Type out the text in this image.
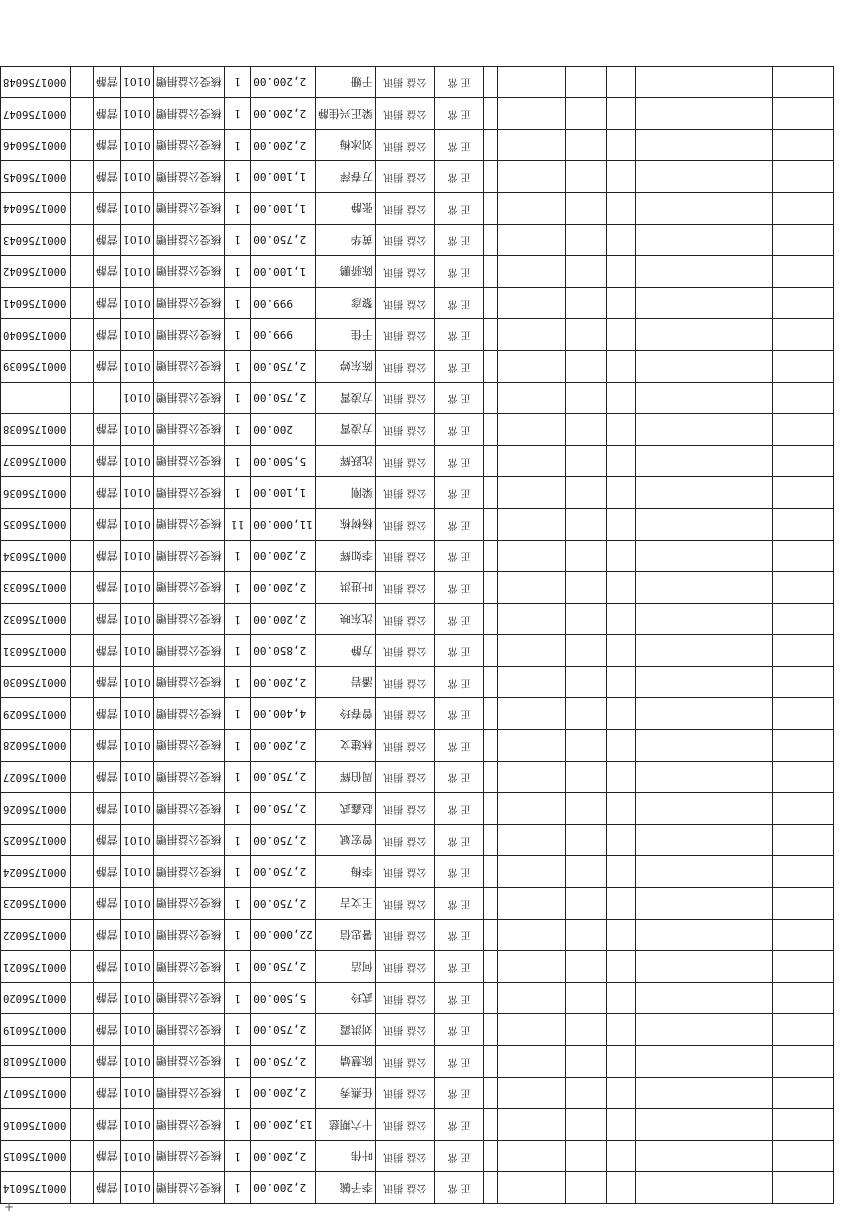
						正 常	公益 捐讯	李子毓	2,200.00	1	核受公益捐赠	0101	营静		0001756014
						正 常	公益 捐讯	叶伟	2,200.00	1	核受公益捐赠	0101	营静		0001756015
						正 常	公益 捐讯	十六期慈	13,200.00	1	核受公益捐赠	0101	营静		0001756016
						正 常	公益 捐讯	任燕秀	2,200.00	1	核受公益捐赠	0101	营静		0001756017
						正 常	公益 捐讯	陈慧婧	2,750.00	1	核受公益捐赠	0101	营静		0001756018
						正 常	公益 捐讯	刘洪霞	2,750.00	1	核受公益捐赠	0101	营静		0001756019
						正 常	公益 捐讯	武玲	5,500.00	1	核受公益捐赠	0101	营静		0001756020
						正 常	公益 捐讯	何洁	2,750.00	1	核受公益捐赠	0101	营静		0001756021
						正 常	公益 捐讯	暑忠信	22,000.00	1	核受公益捐赠	0101	营静		0001756022
						正 常	公益 捐讯	王文吉	2,750.00	1	核受公益捐赠	0101	营静		0001756023
						正 常	公益 捐讯	李梅	2,750.00	1	核受公益捐赠	0101	营静		0001756024
						正 常	公益 捐讯	曾宏斌	2,750.00	1	核受公益捐赠	0101	营静		0001756025
						正 常	公益 捐讯	赵鑫武	2,750.00	1	核受公益捐赠	0101	营静		0001756026
						正 常	公益 捐讯	周伯辉	2,750.00	1	核受公益捐赠	0101	营静		0001756027
						正 常	公益 捐讯	林建文	2,200.00	1	核受公益捐赠	0101	营静		0001756028
						正 常	公益 捐讯	曾春玲	4,400.00	1	核受公益捐赠	0101	营静		0001756029
						正 常	公益 捐讯	潘岩	2,200.00	1	核受公益捐赠	0101	营静		0001756030
						正 常	公益 捐讯	方静	2,850.00	1	核受公益捐赠	0101	营静		0001756031
						正 常	公益 捐讯	沈东映	2,200.00	1	核受公益捐赠	0101	营静		0001756032
						正 常	公益 捐讯	叶进洪	2,200.00	1	核受公益捐赠	0101	营静		0001756033
						正 常	公益 捐讯	李如辉	2,200.00	1	核受公益捐赠	0101	营静		0001756034
						正 常	公益 捐讯	杨树栋	11,000.00	11	核受公益捐赠	0101	营静		0001756035
						正 常	公益 捐讯	梁刚	1,100.00	1	核受公益捐赠	0101	营静		0001756036
						正 常	公益 捐讯	沈跃辉	5,500.00	1	核受公益捐赠	0101	营静		0001756037
						正 常	公益 捐讯	方凌霄	200.00	1	核受公益捐赠	0101	营静		0001756038
						正 常	公益 捐讯	方凌霄	2,750.00	1	核受公益捐赠	0101			
						正 常	公益 捐讯	陈东婷	2,750.00	1	核受公益捐赠	0101	营静		0001756039
						正 常	公益 捐讯	于佳	999.00	1	核受公益捐赠	0101	营静		0001756040
						正 常	公益 捐讯	黎彦	999.00	1	核受公益捐赠	0101	营静		0001756041
						正 常	公益 捐讯	陈骄鹏	1,100.00	1	核受公益捐赠	0101	营静		0001756042
						正 常	公益 捐讯	黄华	2,750.00	1	核受公益捐赠	0101	营静		0001756043
						正 常	公益 捐讯	张静	1,100.00	1	核受公益捐赠	0101	营静		0001756044
						正 常	公益 捐讯	万春萍	1,100.00	1	核受公益捐赠	0101	营静		0001756045
						正 常	公益 捐讯	刘冰梅	2,200.00	1	核受公益捐赠	0101	营静		0001756046
						正 常	公益 捐讯	梁正兴佳静	2,200.00	1	核受公益捐赠	0101	营静		0001756047
						正 常	公益 捐讯	于姗	2,200.00	1	核受公益捐赠	0101	营静		0001756048
+
